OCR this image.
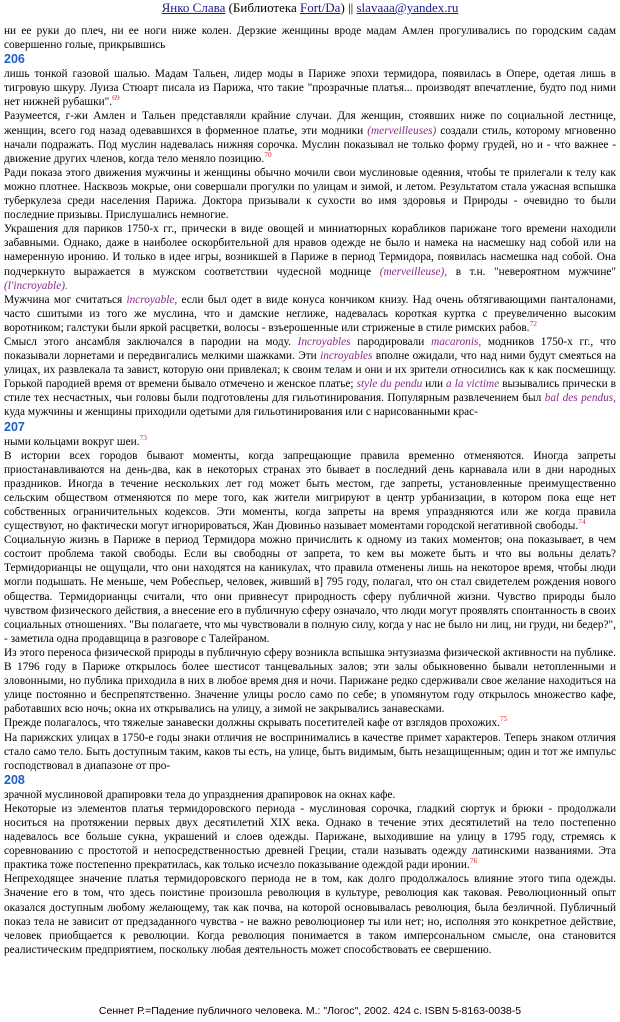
Янко Слава (Библиотека Fort/Da) || slavaaa@yandex.ru

ни ее руки до плеч, ни ее ноги ниже колен. Дерзкие женщины вроде мадам Амлен прогуливались по городским садам совершенно голые, прикрывшись

206

лишь тонкой газовой шалью. Мадам Тальен, лидер моды в Париже эпохи термидора, появилась в Опере, одетая лишь в тигровую шкуру. Луиза Стюарт писала из Парижа, что такие "прозрачные платья... производят впечатление, будто под ними нет нижней рубашки".$^{69}$

Разумеется, г-жи Амлен и Тальен представляли крайние случаи. Для женщин, стоявших ниже по социальной лестнице, женщин, всего год назад одевавшихся в форменное платье, эти модники (merveilleuses) создали стиль, которому мгновенно начали подражать. Под муслин надевалась нижняя сорочка. Муслин показывал не только форму грудей, но и - что важнее - движение других членов, когда тело меняло позицию.$^{70}$

Ради показа этого движения мужчины и женщины обычно мочили свои муслиновые одеяния, чтобы те прилегали к телу как можно плотнее. Насквозь мокрые, они совершали прогулки по улицам и зимой, и летом. Результатом стала ужасная вспышка туберкулеза среди населения Парижа. Доктора призывали к сухости во имя здоровья и Природы - очевидно то были последние призывы. Прислушались немногие.

Украшения для париков 1750-х гг., прически в виде овощей и миниатюрных корабликов парижане того времени находили забавными. Однако, даже в наиболее оскорбительной для нравов одежде не было и намека на насмешку над собой или на намеренную иронию. И только в идее игры, возникшей в Париже в период Термидора, появилась насмешка над собой. Она подчеркнуто выражается в мужском соответствии чудесной моднице (merveilleuse), в т.н. "невероятном мужчине" (l'incroyable).

Мужчина мог считаться incroyable, если был одет в виде конуса кончиком книзу. Над очень обтягивающими панталонами, часто сшитыми из того же муслина, что и дамские неглиже, надевалась короткая куртка с преувеличенно высоким воротником; галстуки были яркой расцветки, волосы - взъерошенные или стриженые в стиле римских рабов.$^{72}$

Смысл этого ансамбля заключался в пародии на моду. Incroyables пародировали macaronis, модников 1750-х гг., что показывали лорнетами и передвигались мелкими шажками. Эти incroyables вполне ожидали, что над ними будут смеяться на улицах, их развлекала та завист, которую они привлекал; к своим телам и они и их зрители относились как к как посмешищу. Горькой пародией время от времени бывало отмечено и женское платье; style du pendu или a la victime вызывались прически в стиле тех несчастных, чьи головы были подготовлены для гильотинирования. Популярным развлечением был bal des pendus, куда мужчины и женщины приходили одетыми для гильотинирования или с нарисованными крас-

207

ными кольцами вокруг шеи.$^{73}$

В истории всех городов бывают моменты, когда запрещающие правила временно отменяются. Иногда запреты приостанавливаются на день-два, как в некоторых странах это бывает в последний день карнавала или в дни народных праздников. Иногда в течение нескольких лет год может быть местом, где запреты, установленные преимущественно сельским обществом отменяются по мере того, как жители мигрируют в центр урбанизации, в котором пока еще нет собственных ограничительных кодексов. Эти моменты, когда запреты на время упраздняются или же когда правила существуют, но фактически могут игнорироваться, Жан Дювиньо называет моментами городской негативной свободы.$^{74}$

Социальную жизнь в Париже в период Термидора можно причислить к одному из таких моментов; она показывает, в чем состоит проблема такой свободы. Если вы свободны от запрета, то кем вы можете быть и что вы вольны делать? Термидорианцы не ощущали, что они находятся на каникулах, что правила отменены лишь на некоторое время, чтобы люди могли подышать. Не меньше, чем Робеспьер, человек, живший в] 795 году, полагал, что он стал свидетелем рождения нового общества. Термидорианцы считали, что они привнесут природность сферу публичной жизни. Чувство природы было чувством физического действия, а внесение его в публичную сферу означало, что люди могут проявлять спонтанность в своих социальных отношениях. "Вы полагаете, что мы чувствовали в полную силу, когда у нас не было ни лиц, ни груди, ни бедер?", - заметила одна продавщица в разговоре с Талейраном.

Из этого переноса физической природы в публичную сферу возникла вспышка энтузиазма физической активности на публике. В 1796 году в Париже открылось более шестисот танцевальных залов; эти залы обыкновенно бывали нетопленными и зловонными, но публика приходила в них в любое время дня и ночи. Парижане редко сдерживали свое желание находиться на улице постоянно и беспрепятственно. Значение улицы росло само по себе; в упомянутом году открылось множество кафе, работавших всю ночь; окна их открывались на улицу, а зимой не закрывались занавесками.

Прежде полагалось, что тяжелые занавески должны скрывать посетителей кафе от взглядов прохожих.$^{75}$

На парижских улицах в 1750-е годы знаки отличия не воспринимались в качестве примет характеров. Теперь знаком отличия стало само тело. Быть доступным таким, каков ты есть, на улице, быть видимым, быть незащищенным; один и тот же импульс господствовал в диапазоне от про-

208

зрачной муслиновой драпировки тела до упразднения драпировок на окнах кафе.

Некоторые из элементов платья термидоровского периода - муслиновая сорочка, гладкий сюртук и брюки - продолжали носиться на протяжении первых двух десятилетий XIX века. Однако в течение этих десятилетий на тело постепенно надевалось все больше сукна, украшений и слоев одежды. Парижане, выходившие на улицу в 1795 году, стремясь к соревнованию с простотой и непосредственностью древней Греции, стали называть одежду латинскими названиями. Эта практика тоже постепенно прекратилась, как только исчезло показывание одеждой ради иронии.$^{76}$

Непреходящее значение платья термидоровского периода не в том, как долго продолжалось влияние этого типа одежды. Значение его в том, что здесь поистине произошла революция в культуре, революция как таковая. Революционный опыт оказался доступным любому желающему, так как почва, на которой основывалась революция, была безличной. Публичный показ тела не зависит от предзаданного чувства - не важно революционер ты или нет; но, исполняя это конкретное действие, человек приобщается к революции. Когда революция понимается в таком имперсональном смысле, она становится реалистическим предприятием, поскольку любая деятельность может способствовать ее свершению.

Сеннет Р.=Падение публичного человека. М.: "Логос", 2002. 424 с. ISBN 5-8163-0038-5
